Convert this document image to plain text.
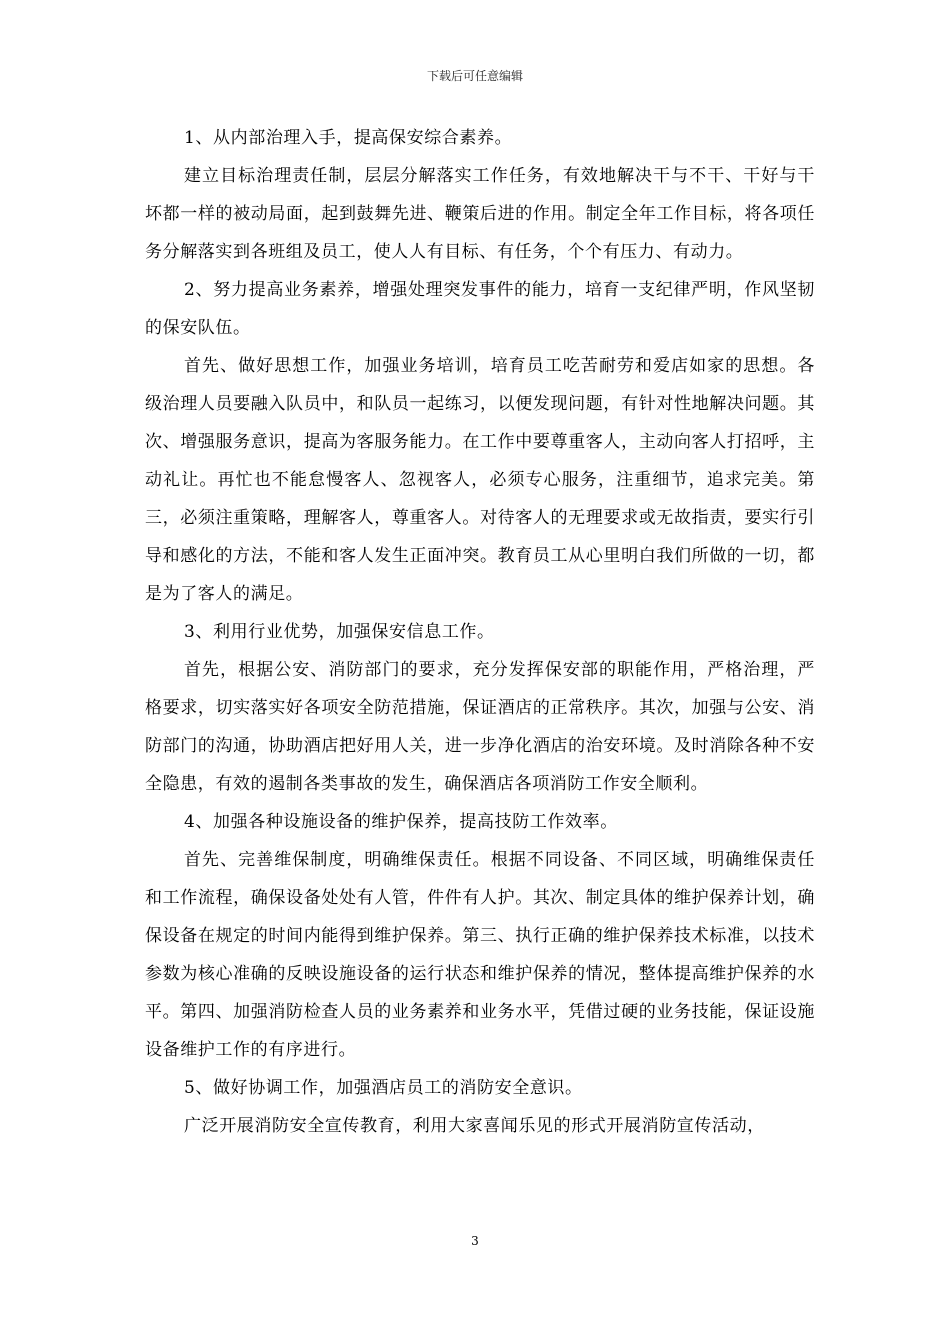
下载后可任意编辑

1、从内部治理入手，提高保安综合素养。

建立目标治理责任制，层层分解落实工作任务，有效地解决干与不干、干好与干坏都一样的被动局面，起到鼓舞先进、鞭策后进的作用。制定全年工作目标，将各项任务分解落实到各班组及员工，使人人有目标、有任务，个个有压力、有动力。

2、努力提高业务素养，增强处理突发事件的能力，培育一支纪律严明，作风坚韧的保安队伍。

首先、做好思想工作，加强业务培训，培育员工吃苦耐劳和爱店如家的思想。各级治理人员要融入队员中，和队员一起练习，以便发现问题，有针对性地解决问题。其次、增强服务意识，提高为客服务能力。在工作中要尊重客人，主动向客人打招呼，主动礼让。再忙也不能怠慢客人、忽视客人，必须专心服务，注重细节，追求完美。第三，必须注重策略，理解客人，尊重客人。对待客人的无理要求或无故指责，要实行引导和感化的方法，不能和客人发生正面冲突。教育员工从心里明白我们所做的一切，都是为了客人的满足。

3、利用行业优势，加强保安信息工作。

首先，根据公安、消防部门的要求，充分发挥保安部的职能作用，严格治理，严格要求，切实落实好各项安全防范措施，保证酒店的正常秩序。其次，加强与公安、消防部门的沟通，协助酒店把好用人关，进一步净化酒店的治安环境。及时消除各种不安全隐患，有效的遏制各类事故的发生，确保酒店各项消防工作安全顺利。

4、加强各种设施设备的维护保养，提高技防工作效率。

首先、完善维保制度，明确维保责任。根据不同设备、不同区域，明确维保责任和工作流程，确保设备处处有人管，件件有人护。其次、制定具体的维护保养计划，确保设备在规定的时间内能得到维护保养。第三、执行正确的维护保养技术标准，以技术参数为核心准确的反映设施设备的运行状态和维护保养的情况，整体提高维护保养的水平。第四、加强消防检查人员的业务素养和业务水平，凭借过硬的业务技能，保证设施设备维护工作的有序进行。

5、做好协调工作，加强酒店员工的消防安全意识。

广泛开展消防安全宣传教育，利用大家喜闻乐见的形式开展消防宣传活动，

3
